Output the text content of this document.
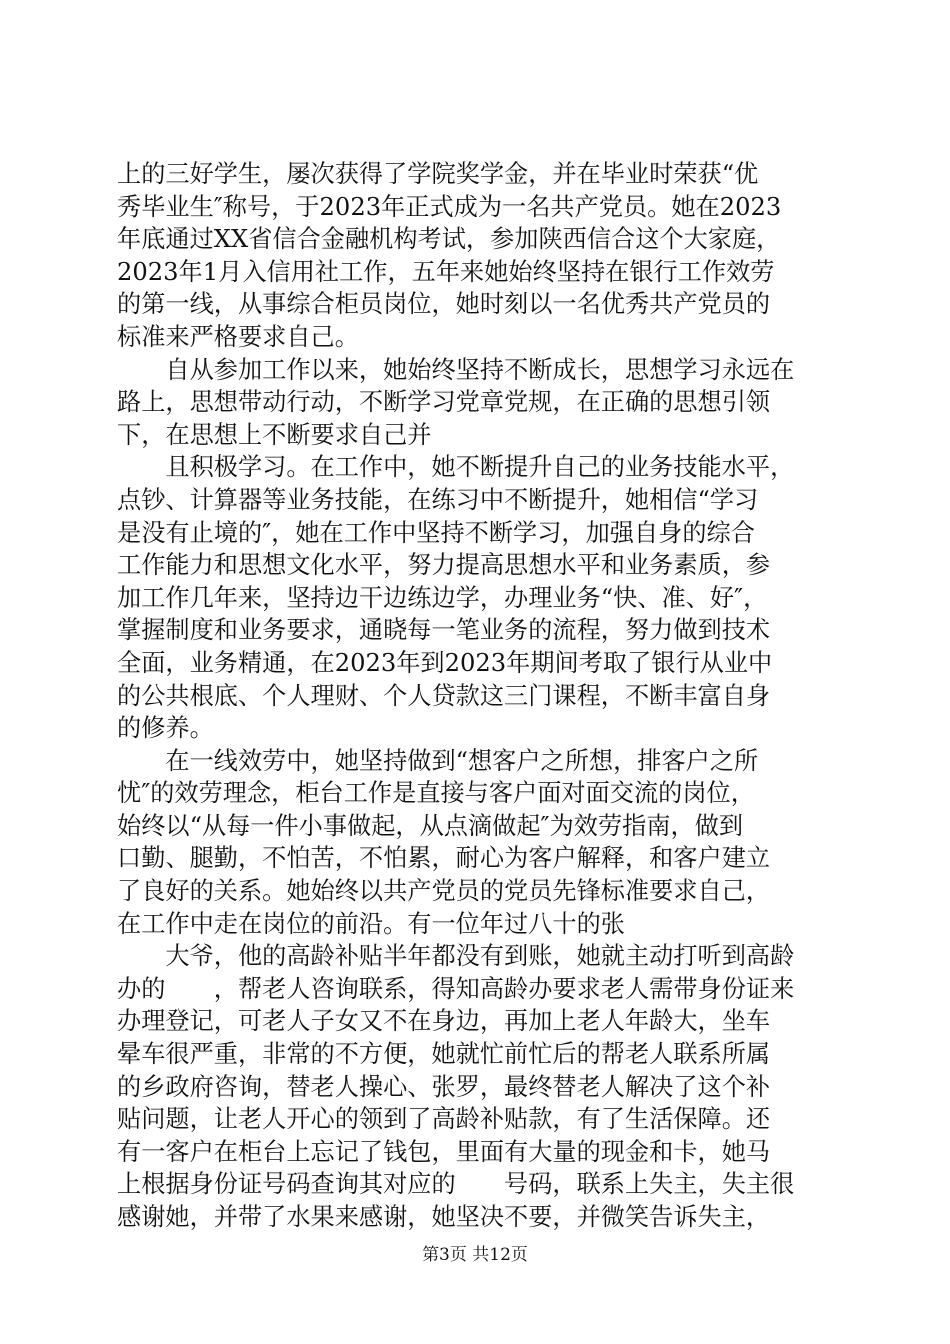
上的三好学生，屡次获得了学院奖学金，并在毕业时荣获“优
秀毕业生″称号，于2023年正式成为一名共产党员。她在2023
年底通过XX省信合金融机构考试，参加陕西信合这个大家庭，
2023年1月入信用社工作，五年来她始终坚持在银行工作效劳
的第一线，从事综合柜员岗位，她时刻以一名优秀共产党员的
标准来严格要求自己。
　　自从参加工作以来，她始终坚持不断成长，思想学习永远在
路上，思想带动行动，不断学习党章党规，在正确的思想引领
下，在思想上不断要求自己并
　　且积极学习。在工作中，她不断提升自己的业务技能水平，
点钞、计算器等业务技能，在练习中不断提升，她相信“学习
是没有止境的″，她在工作中坚持不断学习，加强自身的综合
工作能力和思想文化水平，努力提高思想水平和业务素质，参
加工作几年来，坚持边干边练边学，办理业务“快、准、好″，
掌握制度和业务要求，通晓每一笔业务的流程，努力做到技术
全面，业务精通，在2023年到2023年期间考取了银行从业中
的公共根底、个人理财、个人贷款这三门课程，不断丰富自身
的修养。
　　在一线效劳中，她坚持做到“想客户之所想，排客户之所
忧″的效劳理念，柜台工作是直接与客户面对面交流的岗位，
始终以“从每一件小事做起，从点滴做起″为效劳指南，做到
口勤、腿勤，不怕苦，不怕累，耐心为客户解释，和客户建立
了良好的关系。她始终以共产党员的党员先锋标准要求自己，
在工作中走在岗位的前沿。有一位年过八十的张
　　大爷，他的高龄补贴半年都没有到账，她就主动打听到高龄
办的　　，帮老人咨询联系，得知高龄办要求老人需带身份证来
办理登记，可老人子女又不在身边，再加上老人年龄大，坐车
晕车很严重，非常的不方便，她就忙前忙后的帮老人联系所属
的乡政府咨询，替老人操心、张罗，最终替老人解决了这个补
贴问题，让老人开心的领到了高龄补贴款，有了生活保障。还
有一客户在柜台上忘记了钱包，里面有大量的现金和卡，她马
上根据身份证号码查询其对应的　　号码，联系上失主，失主很
感谢她，并带了水果来感谢，她坚决不要，并微笑告诉失主，
第3页 共12页
